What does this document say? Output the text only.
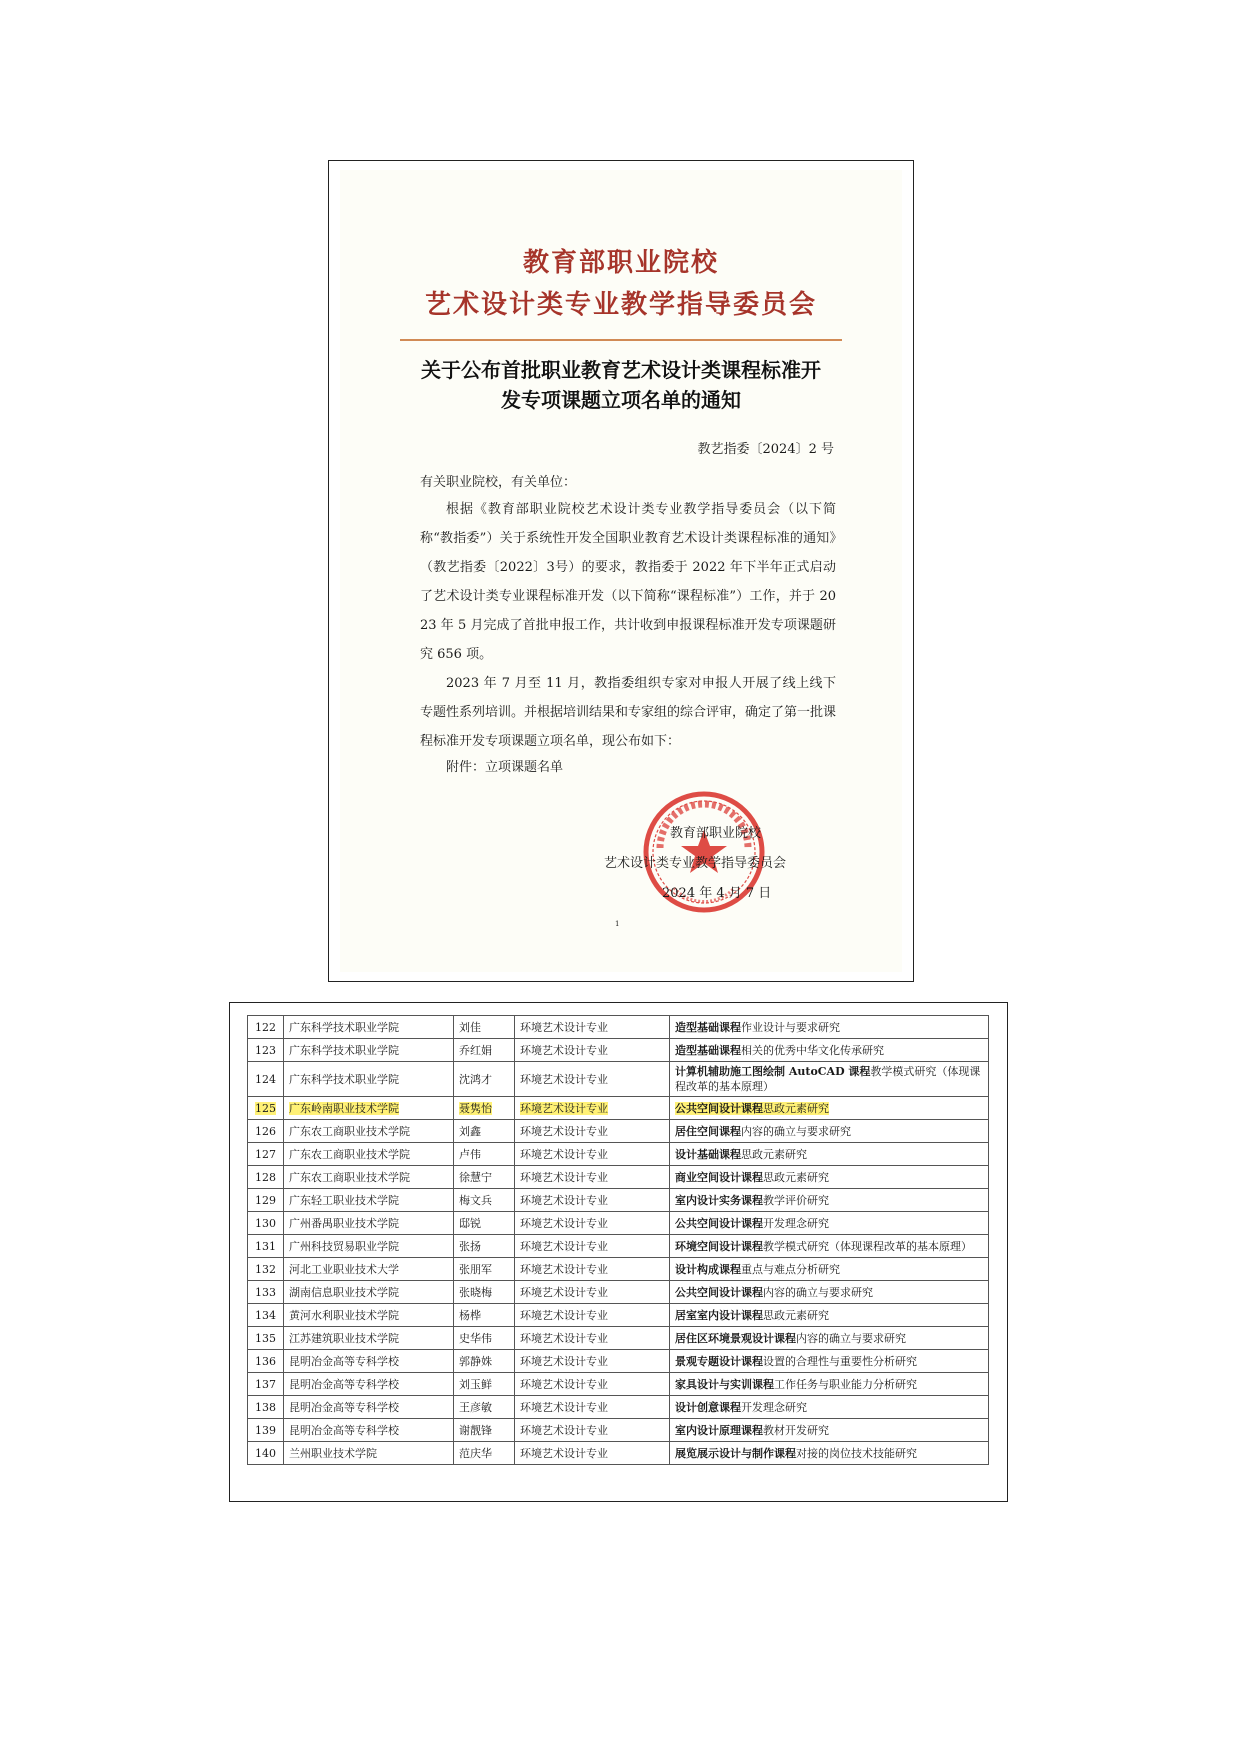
教育部职业院校
艺术设计类专业教学指导委员会
关于公布首批职业教育艺术设计类课程标准开
发专项课题立项名单的通知
教艺指委〔2024〕2 号
有关职业院校，有关单位：
根据《教育部职业院校艺术设计类专业教学指导委员会（以下简称“教指委”）关于系统性开发全国职业教育艺术设计类课程标准的通知》（教艺指委〔2022〕3号）的要求，教指委于 2022 年下半年正式启动了艺术设计类专业课程标准开发（以下简称“课程标准”）工作，并于 2023 年 5 月完成了首批申报工作，共计收到申报课程标准开发专项课题研究 656 项。
2023 年 7 月至 11 月，教指委组织专家对申报人开展了线上线下专题性系列培训。并根据培训结果和专家组的综合评审，确定了第一批课程标准开发专项课题立项名单，现公布如下：
附件：立项课题名单
教育部职业院校
艺术设计类专业教学指导委员会
2024 年 4 月 7 日
1
122	广东科学技术职业学院	刘佳	环境艺术设计专业	造型基础课程作业设计与要求研究
123	广东科学技术职业学院	乔红娟	环境艺术设计专业	造型基础课程相关的优秀中华文化传承研究
124	广东科学技术职业学院	沈鸿才	环境艺术设计专业	计算机辅助施工图绘制 AutoCAD 课程教学模式研究（体现课程改革的基本原理）
125	广东岭南职业技术学院	聂隽怡	环境艺术设计专业	公共空间设计课程思政元素研究
126	广东农工商职业技术学院	刘鑫	环境艺术设计专业	居住空间课程内容的确立与要求研究
127	广东农工商职业技术学院	卢伟	环境艺术设计专业	设计基础课程思政元素研究
128	广东农工商职业技术学院	徐慧宁	环境艺术设计专业	商业空间设计课程思政元素研究
129	广东轻工职业技术学院	梅文兵	环境艺术设计专业	室内设计实务课程教学评价研究
130	广州番禺职业技术学院	邸锐	环境艺术设计专业	公共空间设计课程开发理念研究
131	广州科技贸易职业学院	张扬	环境艺术设计专业	环境空间设计课程教学模式研究（体现课程改革的基本原理）
132	河北工业职业技术大学	张朋军	环境艺术设计专业	设计构成课程重点与难点分析研究
133	湖南信息职业技术学院	张晓梅	环境艺术设计专业	公共空间设计课程内容的确立与要求研究
134	黄河水利职业技术学院	杨桦	环境艺术设计专业	居室室内设计课程思政元素研究
135	江苏建筑职业技术学院	史华伟	环境艺术设计专业	居住区环境景观设计课程内容的确立与要求研究
136	昆明冶金高等专科学校	郭静姝	环境艺术设计专业	景观专题设计课程设置的合理性与重要性分析研究
137	昆明冶金高等专科学校	刘玉鲜	环境艺术设计专业	家具设计与实训课程工作任务与职业能力分析研究
138	昆明冶金高等专科学校	王彦敏	环境艺术设计专业	设计创意课程开发理念研究
139	昆明冶金高等专科学校	谢靓锋	环境艺术设计专业	室内设计原理课程教材开发研究
140	兰州职业技术学院	范庆华	环境艺术设计专业	展览展示设计与制作课程对接的岗位技术技能研究
